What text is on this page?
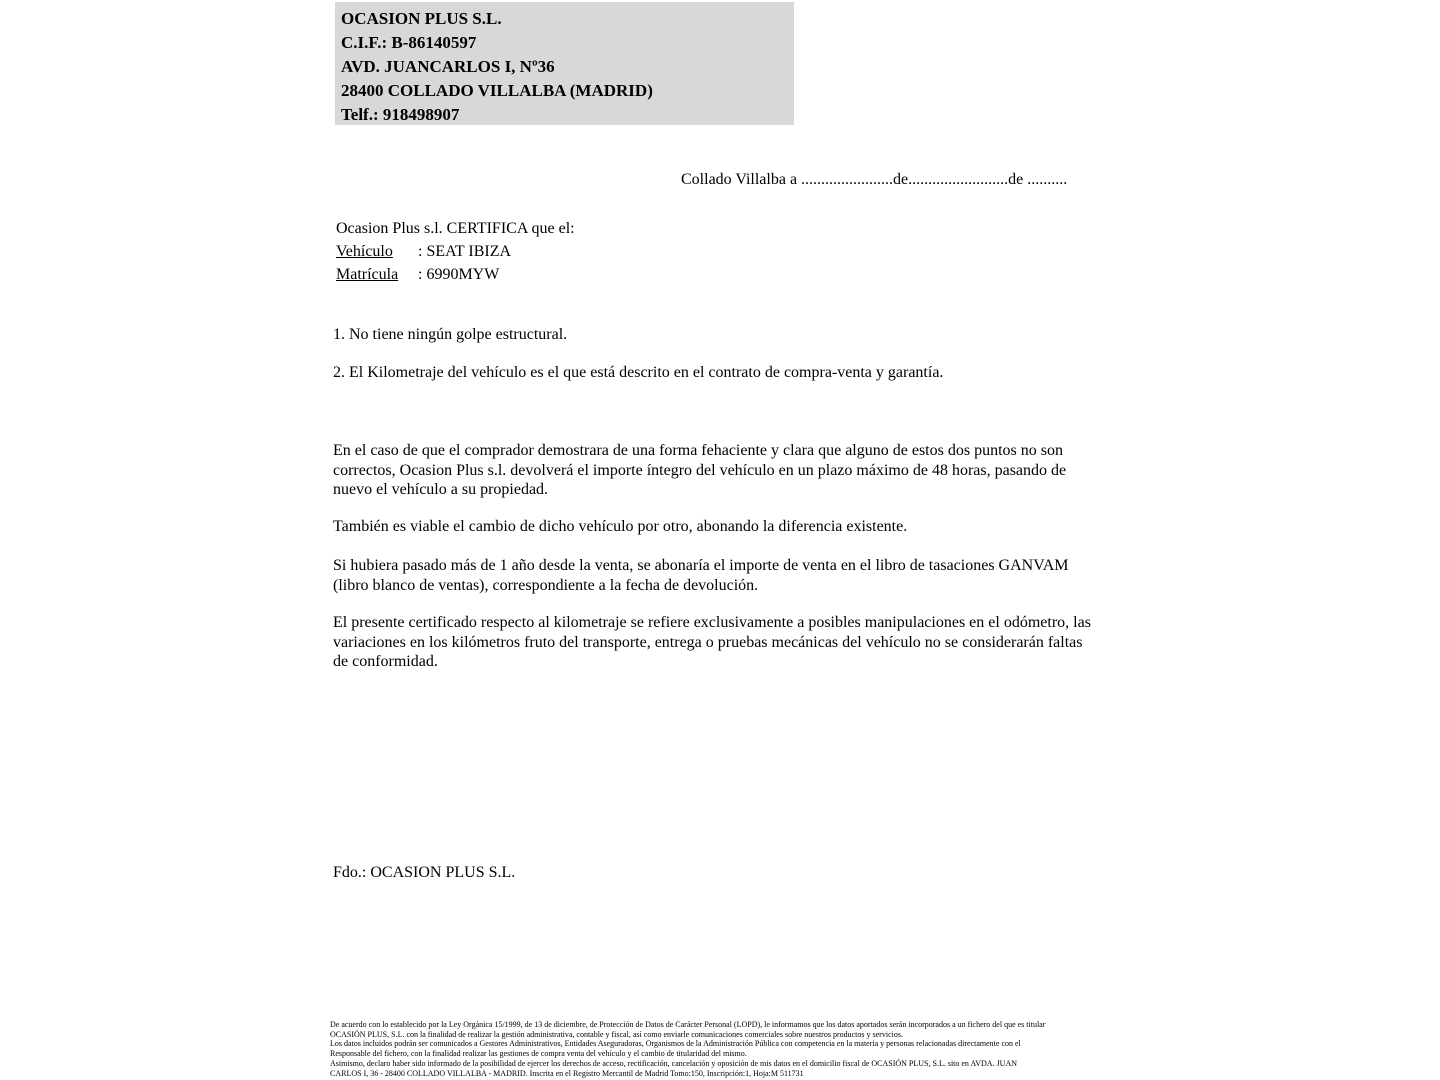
OCASION PLUS S.L.
C.I.F.: B-86140597
AVD. JUANCARLOS I, Nº36
28400 COLLADO VILLALBA (MADRID)
Telf.: 918498907
Collado Villalba a .......................de.........................de ..........
Ocasion Plus s.l. CERTIFICA que el:
Vehículo : SEAT IBIZA
Matrícula : 6990MYW
1. No tiene ningún golpe estructural.
2. El Kilometraje del vehículo es el que está descrito en el contrato de compra-venta y garantía.
En el caso de que el comprador demostrara de una forma fehaciente y clara que alguno de estos dos puntos no son correctos, Ocasion Plus s.l. devolverá el importe íntegro del vehículo en un plazo máximo de 48 horas, pasando de nuevo el vehículo a su propiedad.
También es viable el cambio de dicho vehículo por otro, abonando la diferencia existente.
Si hubiera pasado más de 1 año desde la venta, se abonaría el importe de venta en el libro de tasaciones GANVAM (libro blanco de ventas), correspondiente a la fecha de devolución.
El presente certificado respecto al kilometraje se refiere exclusivamente a posibles manipulaciones en el odómetro, las variaciones en los kilómetros fruto del transporte, entrega o pruebas mecánicas del vehículo no se considerarán faltas de conformidad.
Fdo.: OCASION PLUS S.L.
De acuerdo con lo establecido por la Ley Orgánica 15/1999, de 13 de diciembre, de Protección de Datos de Carácter Personal (LOPD), le informamos que los datos aportados serán incorporados a un fichero del que es titular
OCASIÓN PLUS, S.L. con la finalidad de realizar la gestión administrativa, contable y fiscal, así como enviarle comunicaciones comerciales sobre nuestros productos y servicios.
Los datos incluidos podrán ser comunicados a Gestores Administrativos, Entidades Aseguradoras, Organismos de la Administración Pública con competencia en la materia y personas relacionadas directamente con el
Responsable del fichero, con la finalidad realizar las gestiones de compra venta del vehículo y el cambio de titularidad del mismo.
Asimismo, declaro haber sido informado de la posibilidad de ejercer los derechos de acceso, rectificación, cancelación y oposición de mis datos en el domicilio fiscal de OCASIÓN PLUS, S.L. sito en AVDA. JUAN
CARLOS I, 36 - 28400 COLLADO VILLALBA - MADRID. Inscrita en el Registro Mercantil de Madrid Tomo:150, Inscripción:1, Hoja:M 511731
